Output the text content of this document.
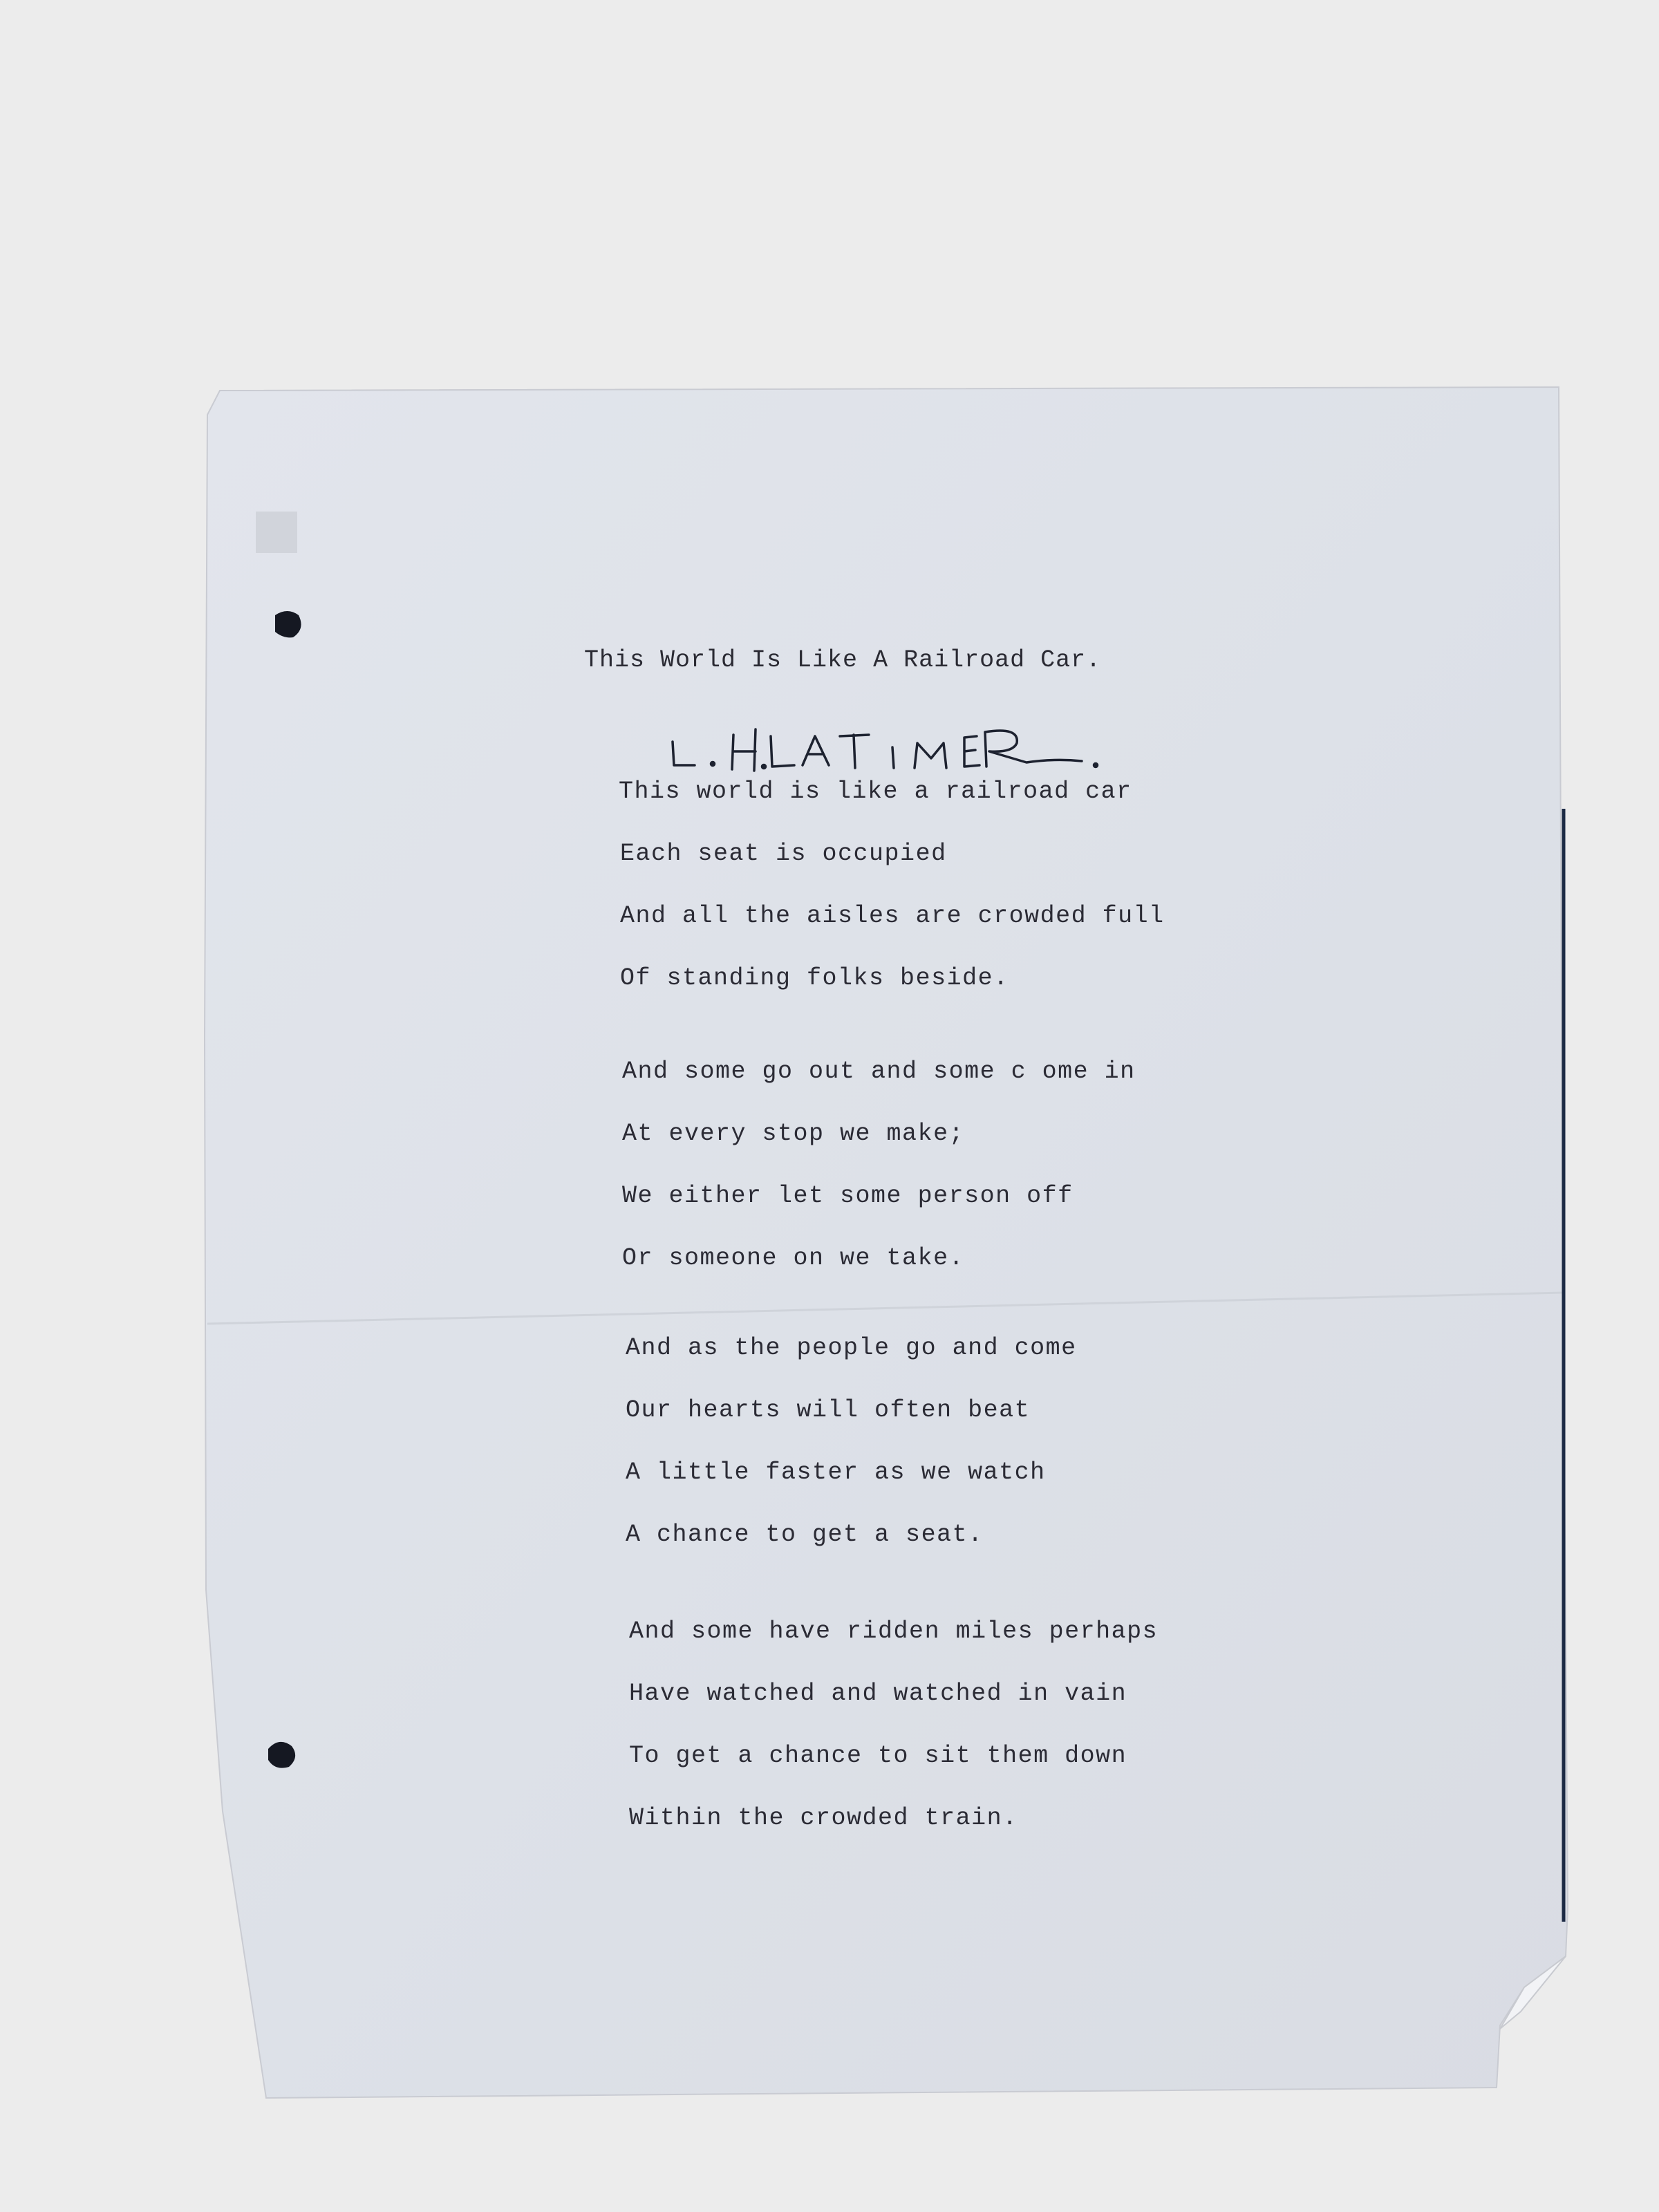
This World Is Like A Railroad Car.
This world is like a railroad car
Each seat is occupied
And all the aisles are crowded full
Of standing folks beside.
And some go out and some c ome in
At every stop we make;
We either let some person off
Or someone on we take.
And as the people go and come
Our hearts will often beat
A little faster as we watch
A chance to get a seat.
And some have ridden miles perhaps
Have watched and watched in vain
To get a chance to sit them down
Within the crowded train.
